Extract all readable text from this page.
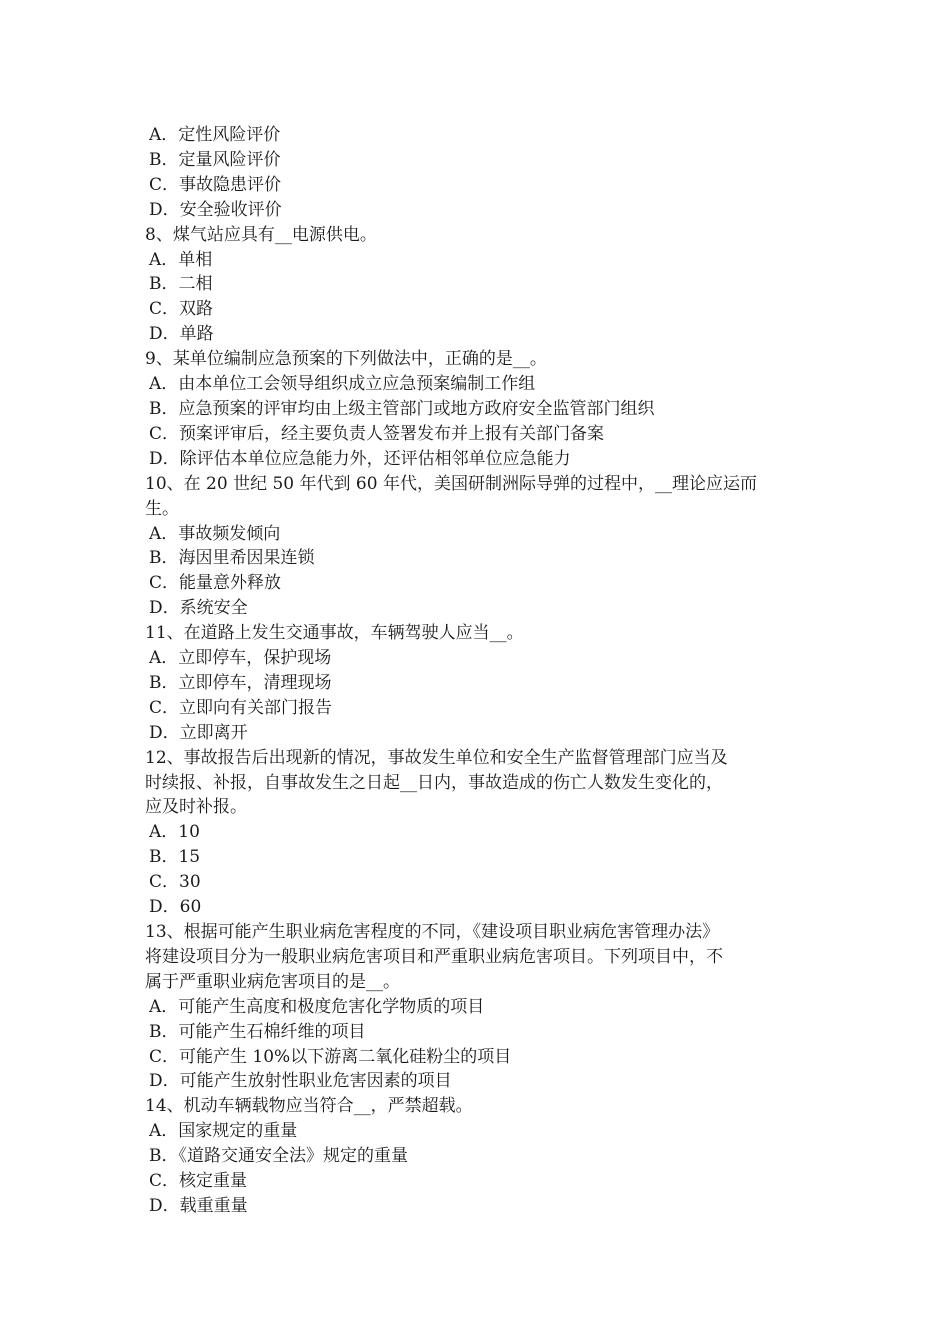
A．定性风险评价
B．定量风险评价
C．事故隐患评价
D．安全验收评价
8、煤气站应具有__电源供电。
A．单相
B．二相
C．双路
D．单路
9、某单位编制应急预案的下列做法中，正确的是__。
A．由本单位工会领导组织成立应急预案编制工作组
B．应急预案的评审均由上级主管部门或地方政府安全监管部门组织
C．预案评审后，经主要负责人签署发布并上报有关部门备案
D．除评估本单位应急能力外，还评估相邻单位应急能力
10、在 20 世纪 50 年代到 60 年代，美国研制洲际导弹的过程中，__理论应运而
生。
A．事故频发倾向
B．海因里希因果连锁
C．能量意外释放
D．系统安全
11、在道路上发生交通事故，车辆驾驶人应当__。
A．立即停车，保护现场
B．立即停车，清理现场
C．立即向有关部门报告
D．立即离开
12、事故报告后出现新的情况，事故发生单位和安全生产监督管理部门应当及
时续报、补报，自事故发生之日起__日内，事故造成的伤亡人数发生变化的，
应及时补报。
A．10
B．15
C．30
D．60
13、根据可能产生职业病危害程度的不同，《建设项目职业病危害管理办法》
将建设项目分为一般职业病危害项目和严重职业病危害项目。下列项目中，不
属于严重职业病危害项目的是__。
A．可能产生高度和极度危害化学物质的项目
B．可能产生石棉纤维的项目
C．可能产生 10%以下游离二氧化硅粉尘的项目
D．可能产生放射性职业危害因素的项目
14、机动车辆载物应当符合__，严禁超载。
A．国家规定的重量
B．《道路交通安全法》规定的重量
C．核定重量
D．载重重量
